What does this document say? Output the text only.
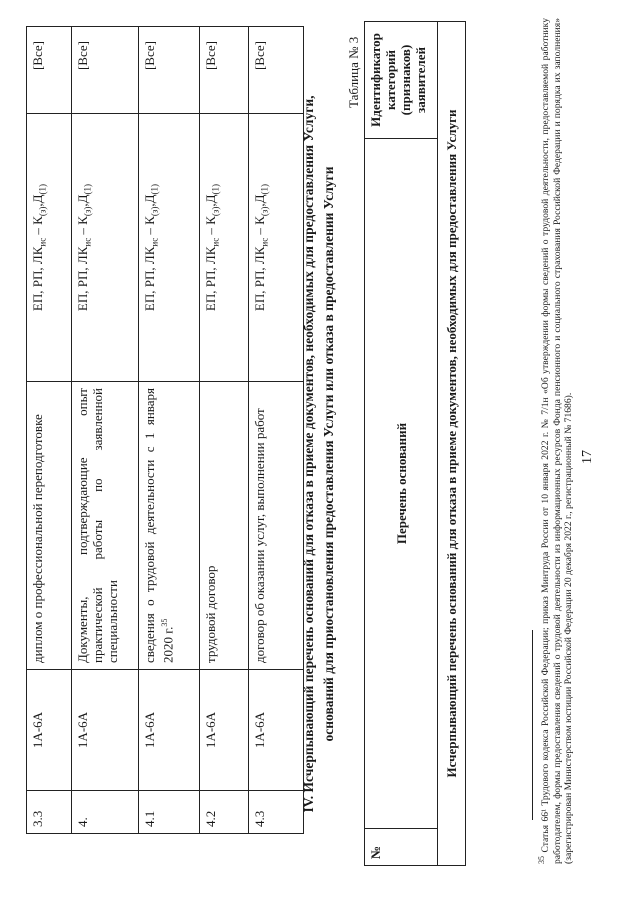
17
3.3	1А-6А	диплом о профессиональной переподготовке	ЕП, РП, $ЛК_{ис} - К_{(з)},Д_{(1)}$	[Все]
4.	1А-6А	Документы, подтверждающие опыт практической работы по заявленной специальности	ЕП, РП, $ЛК_{ис} - К_{(з)},Д_{(1)}$	[Все]
4.1	1А-6А	сведения о трудовой деятельности с 1 января 2020 г.$^{35}$	ЕП, РП, $ЛК_{ис} - К_{(з)},Д_{(1)}$	[Все]
4.2	1А-6А	трудовой договор	ЕП, РП, $ЛК_{ис} - К_{(з)},Д_{(1)}$	[Все]
4.3	1А-6А	договор об оказании услуг, выполнении работ	ЕП, РП, $ЛК_{ис} - К_{(з)},Д_{(1)}$	[Все]
IV. Исчерпывающий перечень оснований для отказа в приеме документов, необходимых для предоставления Услуги, оснований для приостановления предоставления Услуги или отказа в предоставлении Услуги
Таблица № 3
№	Перечень оснований	Идентификатор категорий (признаков) заявителей
Исчерпывающий перечень оснований для отказа в приеме документов, необходимых для предоставления Услуги
$^{35}$ Статья 66¹ Трудового кодекса Российской Федерации; приказ Минтруда России от 10 января 2022 г. № 7/1н «Об утверждении формы сведений о трудовой деятельности, предоставляемой работнику работодателем, формы предоставления сведений о трудовой деятельности из информационных ресурсов Фонда пенсионного и социального страхования Российской Федерации и порядка их заполнения» (зарегистрирован Министерством юстиции Российской Федерации 20 декабря 2022 г., регистрационный № 71686).
